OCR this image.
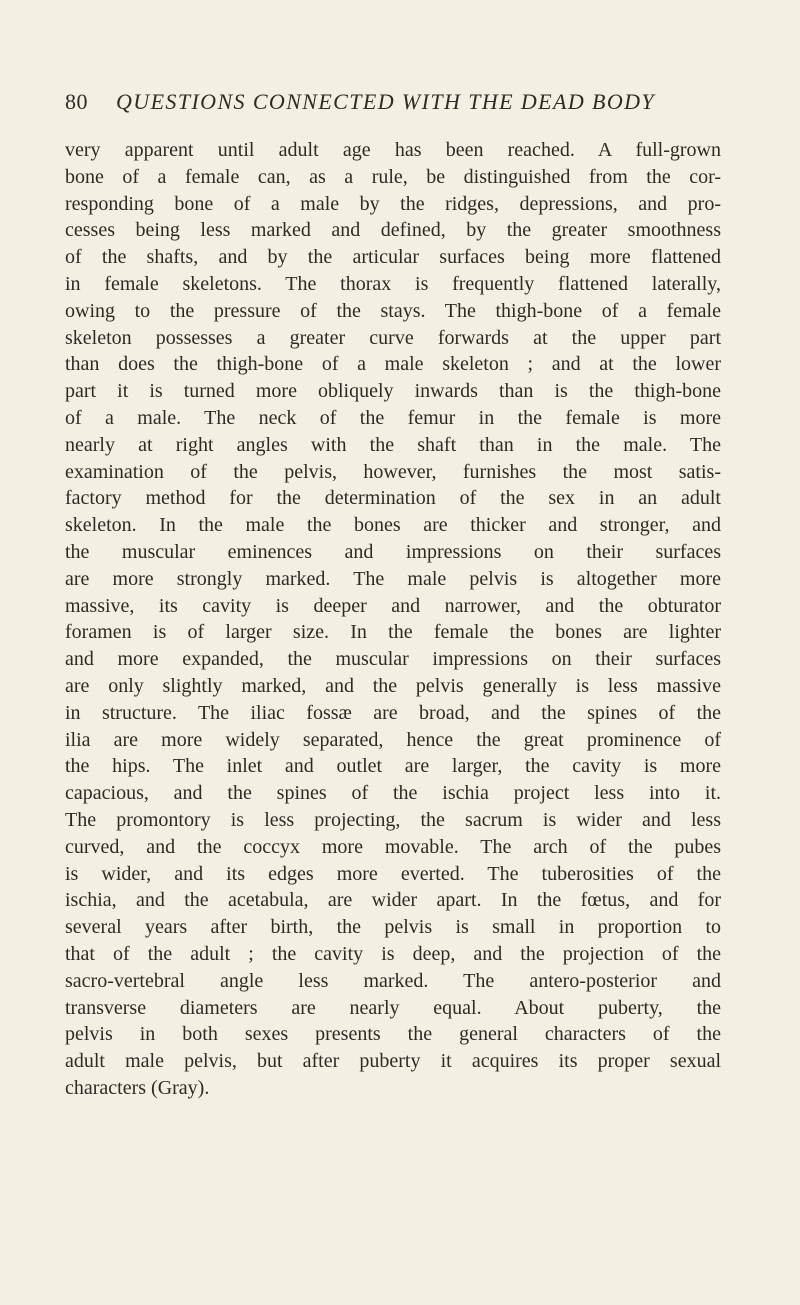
80 QUESTIONS CONNECTED WITH THE DEAD BODY
very apparent until adult age has been reached. A full-grown
bone of a female can, as a rule, be distinguished from the cor-
responding bone of a male by the ridges, depressions, and pro-
cesses being less marked and defined, by the greater smoothness
of the shafts, and by the articular surfaces being more flattened
in female skeletons. The thorax is frequently flattened laterally,
owing to the pressure of the stays. The thigh-bone of a female
skeleton possesses a greater curve forwards at the upper part
than does the thigh-bone of a male skeleton ; and at the lower
part it is turned more obliquely inwards than is the thigh-bone
of a male. The neck of the femur in the female is more
nearly at right angles with the shaft than in the male. The
examination of the pelvis, however, furnishes the most satis-
factory method for the determination of the sex in an adult
skeleton. In the male the bones are thicker and stronger, and
the muscular eminences and impressions on their surfaces
are more strongly marked. The male pelvis is altogether more
massive, its cavity is deeper and narrower, and the obturator
foramen is of larger size. In the female the bones are lighter
and more expanded, the muscular impressions on their surfaces
are only slightly marked, and the pelvis generally is less massive
in structure. The iliac fossæ are broad, and the spines of the
ilia are more widely separated, hence the great prominence of
the hips. The inlet and outlet are larger, the cavity is more
capacious, and the spines of the ischia project less into it.
The promontory is less projecting, the sacrum is wider and less
curved, and the coccyx more movable. The arch of the pubes
is wider, and its edges more everted. The tuberosities of the
ischia, and the acetabula, are wider apart. In the fœtus, and for
several years after birth, the pelvis is small in proportion to
that of the adult ; the cavity is deep, and the projection of the
sacro-vertebral angle less marked. The antero-posterior and
transverse diameters are nearly equal. About puberty, the
pelvis in both sexes presents the general characters of the
adult male pelvis, but after puberty it acquires its proper sexual
characters (Gray).
